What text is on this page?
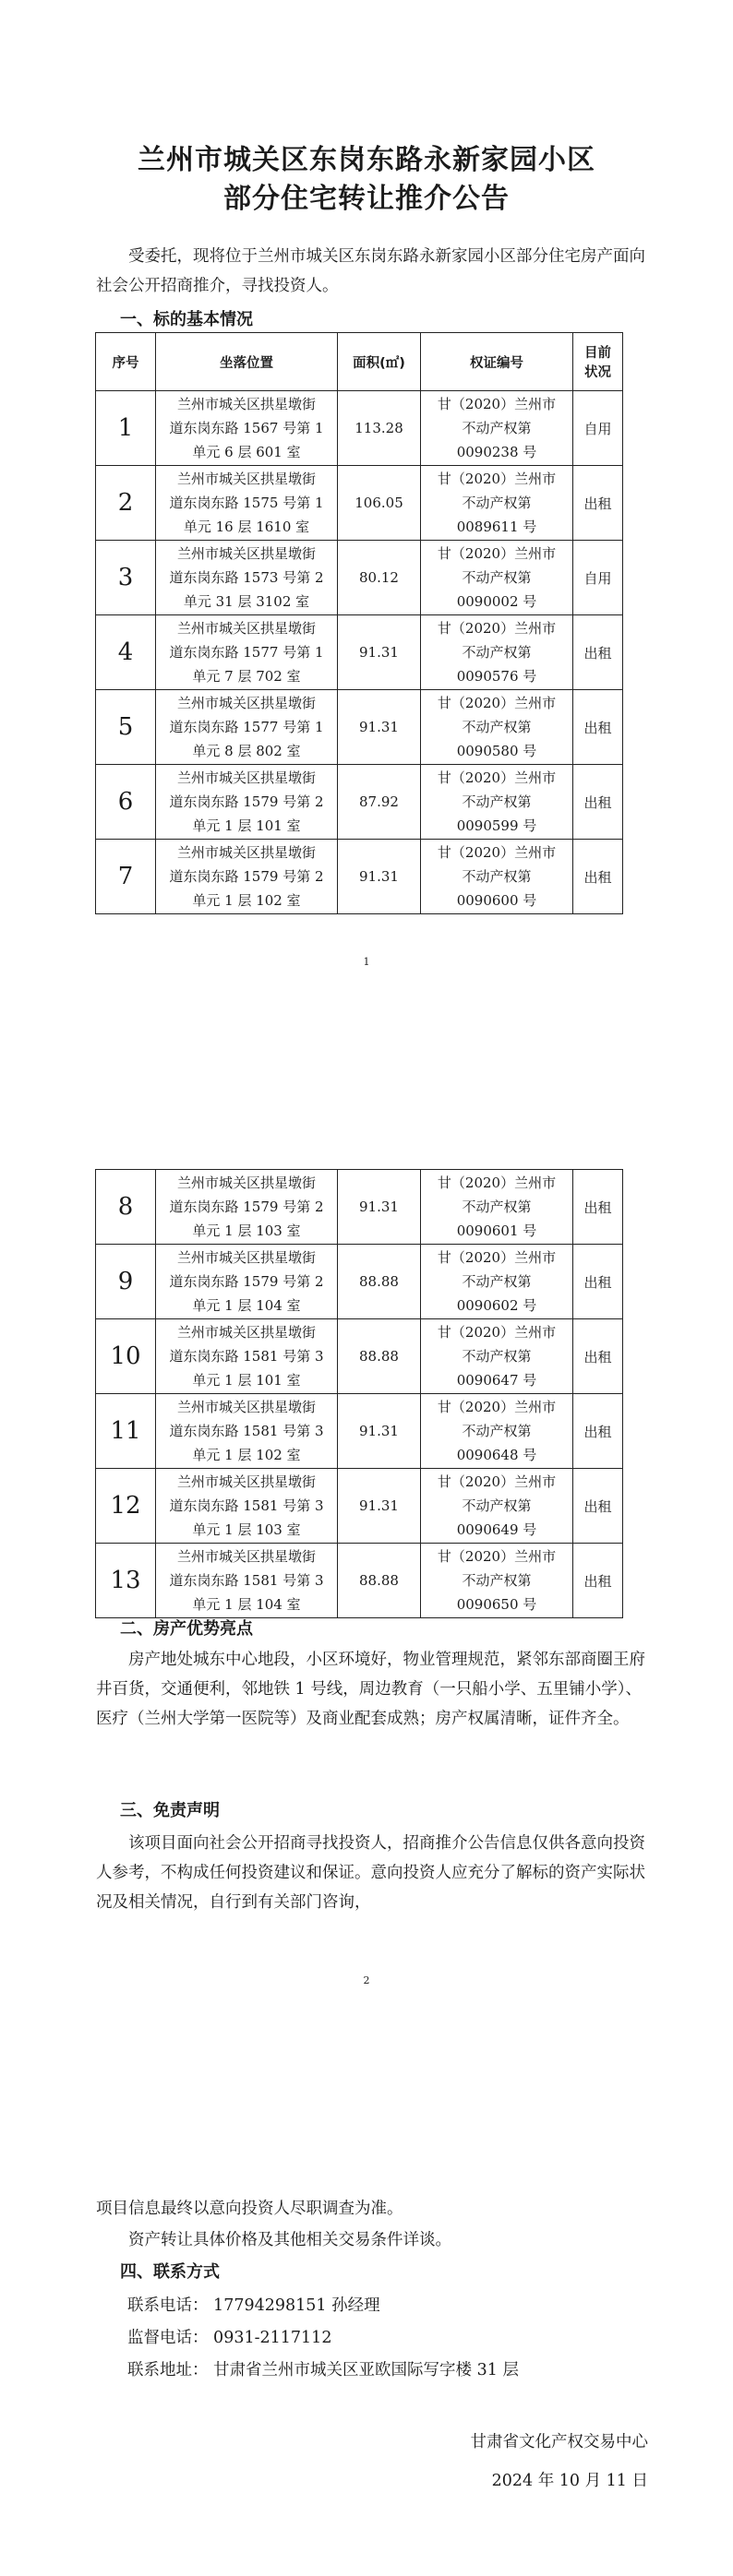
兰州市城关区东岗东路永新家园小区
部分住宅转让推介公告
受委托，现将位于兰州市城关区东岗东路永新家园小区部分住宅房产面向社会公开招商推介，寻找投资人。
一、标的基本情况
序号	坐落位置	面积(㎡)	权证编号	目前
状况
1	兰州市城关区拱星墩街
道东岗东路 1567 号第 1
单元 6 层 601 室	113.28	甘（2020）兰州市
不动产权第
0090238 号	自用
2	兰州市城关区拱星墩街
道东岗东路 1575 号第 1
单元 16 层 1610 室	106.05	甘（2020）兰州市
不动产权第
0089611 号	出租
3	兰州市城关区拱星墩街
道东岗东路 1573 号第 2
单元 31 层 3102 室	80.12	甘（2020）兰州市
不动产权第
0090002 号	自用
4	兰州市城关区拱星墩街
道东岗东路 1577 号第 1
单元 7 层 702 室	91.31	甘（2020）兰州市
不动产权第
0090576 号	出租
5	兰州市城关区拱星墩街
道东岗东路 1577 号第 1
单元 8 层 802 室	91.31	甘（2020）兰州市
不动产权第
0090580 号	出租
6	兰州市城关区拱星墩街
道东岗东路 1579 号第 2
单元 1 层 101 室	87.92	甘（2020）兰州市
不动产权第
0090599 号	出租
7	兰州市城关区拱星墩街
道东岗东路 1579 号第 2
单元 1 层 102 室	91.31	甘（2020）兰州市
不动产权第
0090600 号	出租
1
8	兰州市城关区拱星墩街
道东岗东路 1579 号第 2
单元 1 层 103 室	91.31	甘（2020）兰州市
不动产权第
0090601 号	出租
9	兰州市城关区拱星墩街
道东岗东路 1579 号第 2
单元 1 层 104 室	88.88	甘（2020）兰州市
不动产权第
0090602 号	出租
10	兰州市城关区拱星墩街
道东岗东路 1581 号第 3
单元 1 层 101 室	88.88	甘（2020）兰州市
不动产权第
0090647 号	出租
11	兰州市城关区拱星墩街
道东岗东路 1581 号第 3
单元 1 层 102 室	91.31	甘（2020）兰州市
不动产权第
0090648 号	出租
12	兰州市城关区拱星墩街
道东岗东路 1581 号第 3
单元 1 层 103 室	91.31	甘（2020）兰州市
不动产权第
0090649 号	出租
13	兰州市城关区拱星墩街
道东岗东路 1581 号第 3
单元 1 层 104 室	88.88	甘（2020）兰州市
不动产权第
0090650 号	出租
二、房产优势亮点
房产地处城东中心地段，小区环境好，物业管理规范，紧邻东部商圈王府井百货，交通便利，邻地铁 1 号线，周边教育（一只船小学、五里铺小学）、医疗（兰州大学第一医院等）及商业配套成熟；房产权属清晰，证件齐全。
三、免责声明
该项目面向社会公开招商寻找投资人，招商推介公告信息仅供各意向投资人参考，不构成任何投资建议和保证。意向投资人应充分了解标的资产实际状况及相关情况，自行到有关部门咨询，
2
项目信息最终以意向投资人尽职调查为准。
资产转让具体价格及其他相关交易条件详谈。
四、联系方式
联系电话： 17794298151 孙经理
监督电话： 0931-2117112
联系地址： 甘肃省兰州市城关区亚欧国际写字楼 31 层
甘肃省文化产权交易中心
2024 年 10 月 11 日
